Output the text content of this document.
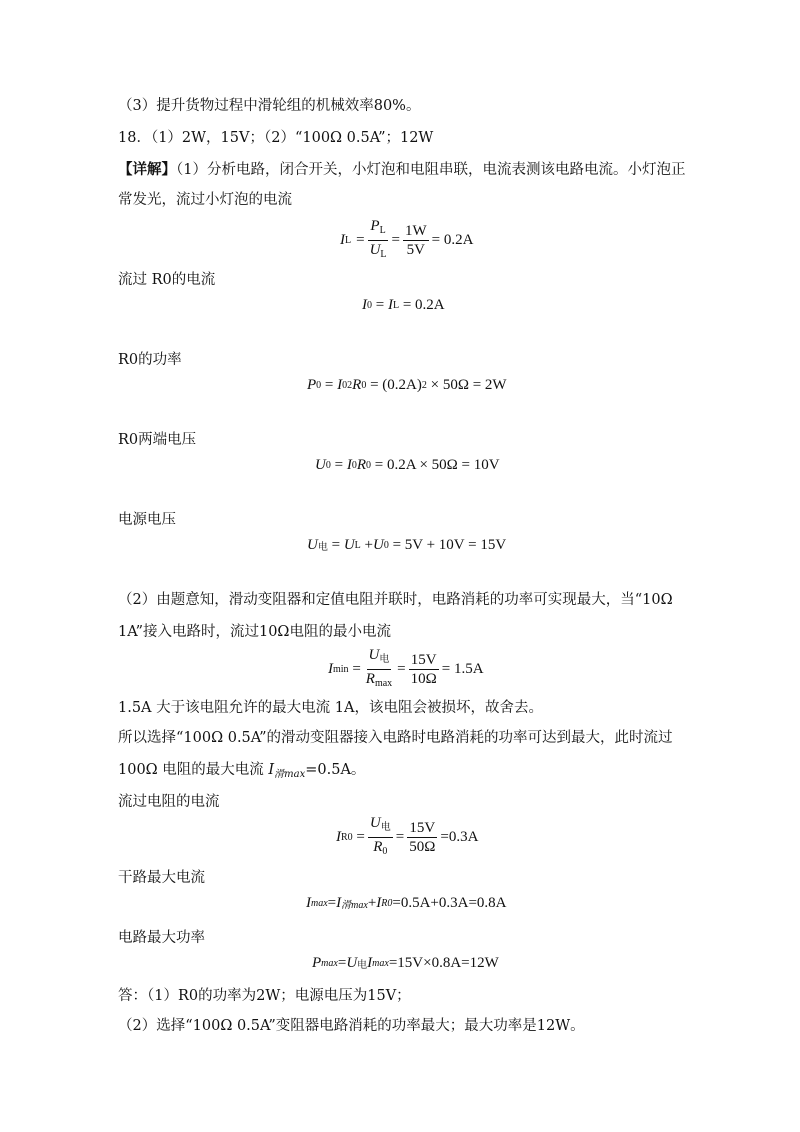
（3）提升货物过程中滑轮组的机械效率80%。
18．（1）2W，15V；（2）“100Ω 0.5A”；12W
【详解】（1）分析电路，闭合开关，小灯泡和电阻串联，电流表测该电路电流。小灯泡正
常发光，流过小灯泡的电流
I $L = \frac{P_L}{U_L} = \frac{1W}{5V} = 0.2A$
流过 R0的电流
I 0 = I L = 0.2A
R0的功率
P 0 = I 0 2 R 0 = (0.2A) 2 × 50Ω = 2W
R0两端电压
U 0 = I 0 R 0 = 0.2A × 50Ω = 10V
电源电压
U 电 = U L + U 0 = 5V + 10V = 15V
（2）由题意知，滑动变阻器和定值电阻并联时，电路消耗的功率可实现最大，当“10Ω
1A”接入电路时，流过10Ω电阻的最小电流
I $\min = \frac{U_电}{R_{max}} = \frac{15V}{10\Omega} = 1.5A$
1.5A 大于该电阻允许的最大电流 1A，该电阻会被损坏，故舍去。
所以选择“100Ω 0.5A”的滑动变阻器接入电路时电路消耗的功率可达到最大，此时流过
100Ω 电阻的最大电流 $I_{滑max}=0.5A$。
流过电阻的电流
I $R0 = \frac{U_电}{R_0} = \frac{15V}{50\Omega} =0.3A$
干路最大电流
I max = I 滑max + I R0 =0.5A+0.3A=0.8A
电路最大功率
P max = U 电 I max =15V×0.8A=12W
答：（1）R0的功率为2W；电源电压为15V；
（2）选择“100Ω 0.5A”变阻器电路消耗的功率最大；最大功率是12W。
